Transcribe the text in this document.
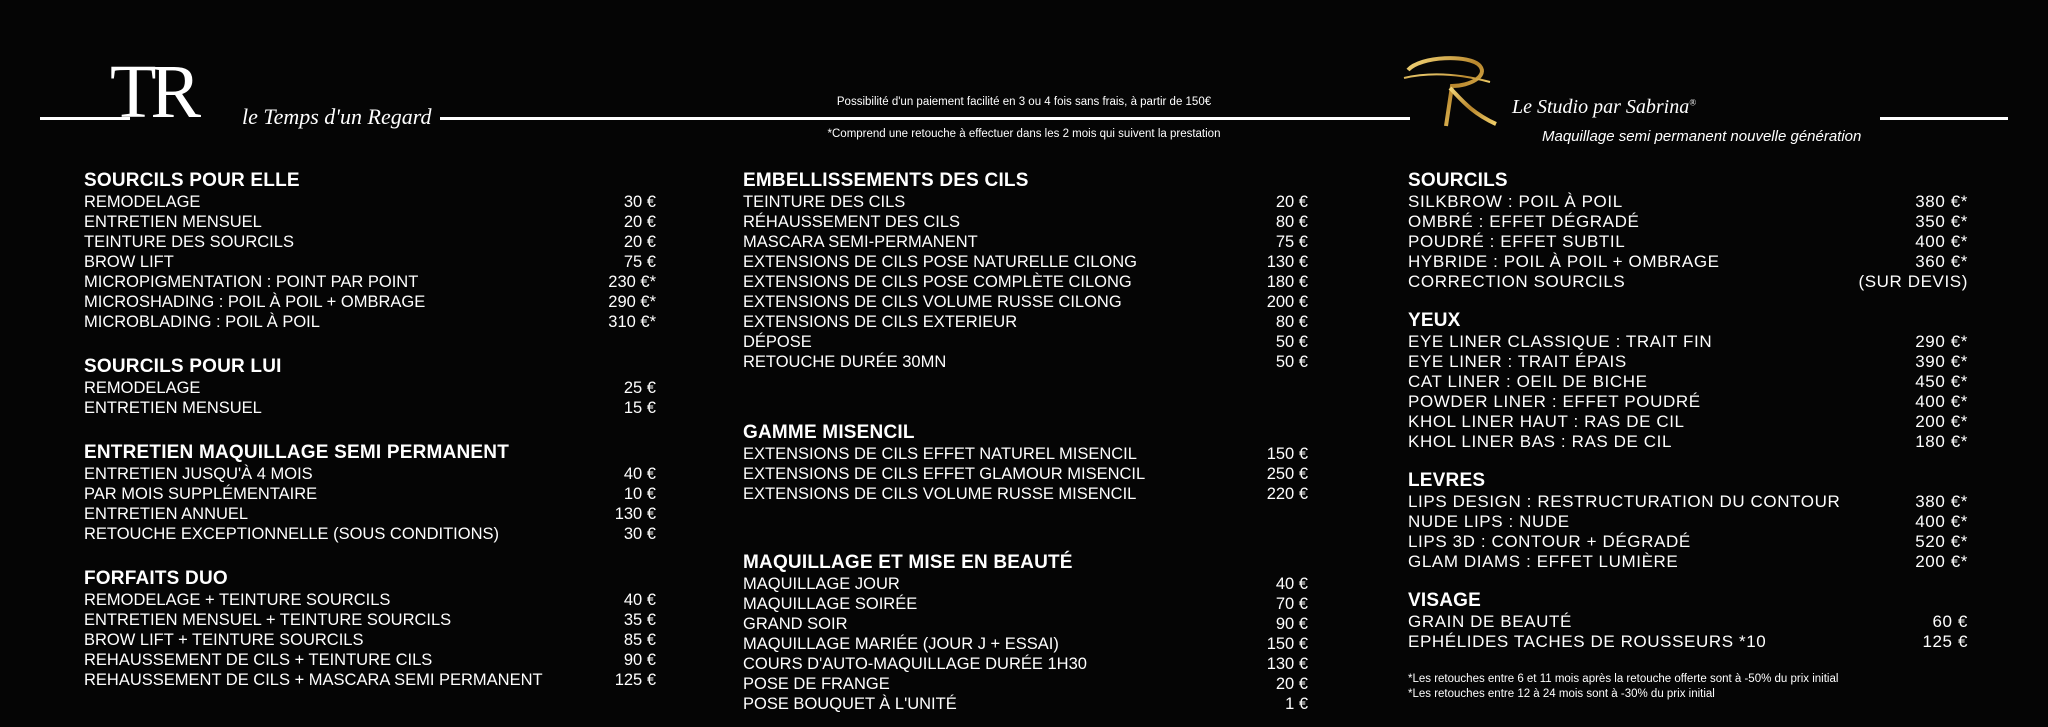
TR le Temps d'un Regard
Possibilité d'un paiement facilité en 3 ou 4 fois sans frais, à partir de 150€
*Comprend une retouche à effectuer dans les 2 mois qui suivent la prestation
Le Studio par Sabrina®
Maquillage semi permanent nouvelle génération
SOURCILS POUR ELLE
REMODELAGE	30 €
ENTRETIEN MENSUEL	20 €
TEINTURE DES SOURCILS	20 €
BROW LIFT	75 €
MICROPIGMENTATION : POINT PAR POINT	230 €*
MICROSHADING : POIL À POIL + OMBRAGE	290 €*
MICROBLADING : POIL À POIL	310 €*
SOURCILS POUR LUI
REMODELAGE	25 €
ENTRETIEN MENSUEL	15 €
ENTRETIEN MAQUILLAGE SEMI PERMANENT
ENTRETIEN JUSQU'À 4 MOIS	40 €
PAR MOIS SUPPLÉMENTAIRE	10 €
ENTRETIEN ANNUEL	130 €
RETOUCHE EXCEPTIONNELLE (SOUS CONDITIONS)	30 €
FORFAITS DUO
REMODELAGE + TEINTURE SOURCILS	40 €
ENTRETIEN MENSUEL + TEINTURE SOURCILS	35 €
BROW LIFT + TEINTURE SOURCILS	85 €
REHAUSSEMENT DE CILS + TEINTURE CILS	90 €
REHAUSSEMENT DE CILS + MASCARA SEMI PERMANENT	125 €
EMBELLISSEMENTS DES CILS
TEINTURE DES CILS	20 €
RÉHAUSSEMENT DES CILS	80 €
MASCARA SEMI-PERMANENT	75 €
EXTENSIONS DE CILS POSE NATURELLE CILONG	130 €
EXTENSIONS DE CILS POSE COMPLÈTE CILONG	180 €
EXTENSIONS DE CILS VOLUME RUSSE CILONG	200 €
EXTENSIONS DE CILS EXTERIEUR	80 €
DÉPOSE	50 €
RETOUCHE DURÉE 30MN	50 €
GAMME MISENCIL
EXTENSIONS DE CILS EFFET NATUREL MISENCIL	150 €
EXTENSIONS DE CILS EFFET GLAMOUR MISENCIL	250 €
EXTENSIONS DE CILS VOLUME RUSSE MISENCIL	220 €
MAQUILLAGE ET MISE EN BEAUTÉ
MAQUILLAGE JOUR	40 €
MAQUILLAGE SOIRÉE	70 €
GRAND SOIR	90 €
MAQUILLAGE MARIÉE (JOUR J + ESSAI)	150 €
COURS D'AUTO-MAQUILLAGE DURÉE 1H30	130 €
POSE DE FRANGE	20 €
POSE BOUQUET À L'UNITÉ	1 €
SOURCILS
SILKBROW : POIL À POIL	380 €*
OMBRÉ : EFFET DÉGRADÉ	350 €*
POUDRÉ : EFFET SUBTIL	400 €*
HYBRIDE : POIL À POIL + OMBRAGE	360 €*
CORRECTION SOURCILS	(SUR DEVIS)
YEUX
EYE LINER CLASSIQUE : TRAIT FIN	290 €*
EYE LINER : TRAIT ÉPAIS	390 €*
CAT LINER : OEIL DE BICHE	450 €*
POWDER LINER : EFFET POUDRÉ	400 €*
KHOL LINER HAUT : RAS DE CIL	200 €*
KHOL LINER BAS : RAS DE CIL	180 €*
LEVRES
LIPS DESIGN : RESTRUCTURATION DU CONTOUR	380 €*
NUDE LIPS : NUDE	400 €*
LIPS 3D : CONTOUR + DÉGRADÉ	520 €*
GLAM DIAMS : EFFET LUMIÈRE	200 €*
VISAGE
GRAIN DE BEAUTÉ	60 €
EPHÉLIDES TACHES DE ROUSSEURS *10	125 €
*Les retouches entre 6 et 11 mois après la retouche offerte sont à -50% du prix initial
*Les retouches entre 12 à 24 mois sont à -30% du prix initial
